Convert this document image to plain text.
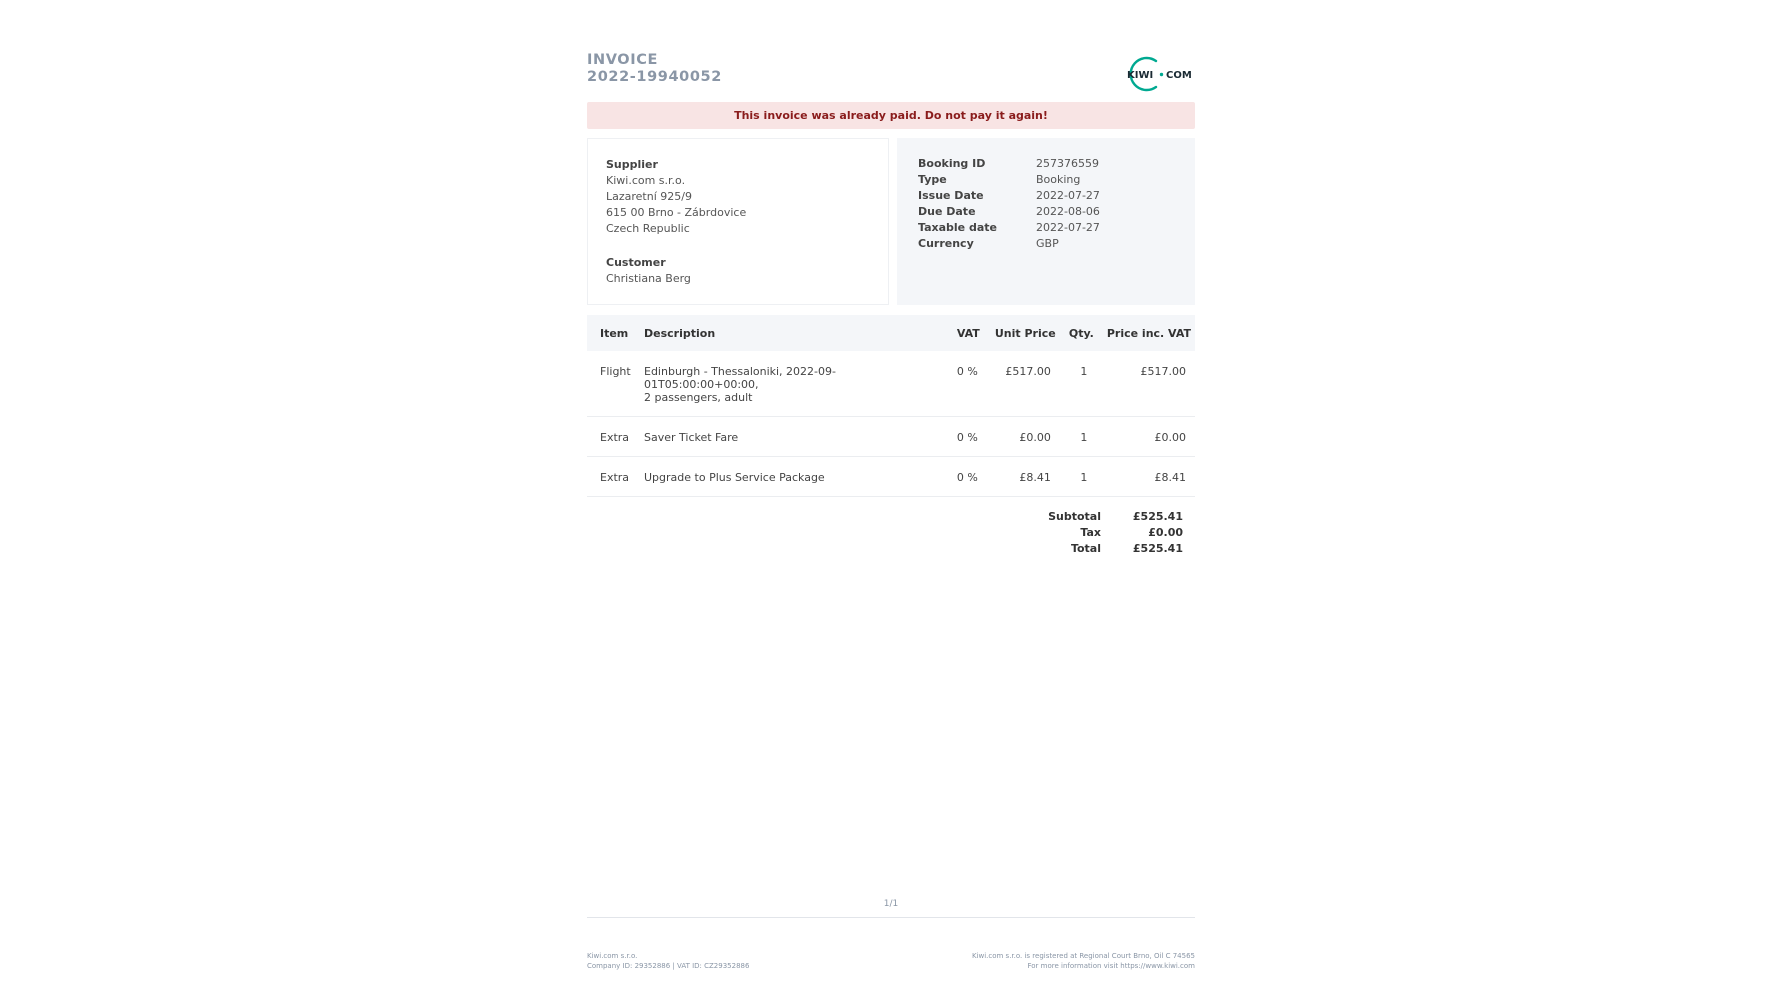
INVOICE
2022-19940052	KIWI COM
This invoice was already paid. Do not pay it again!
Supplier
Kiwi.com s.r.o.
Lazaretní 925/9
615 00 Brno - Zábrdovice
Czech Republic
Customer
Christiana Berg
Booking ID	257376559
Type	Booking
Issue Date	2022-07-27
Due Date	2022-08-06
Taxable date	2022-07-27
Currency	GBP
Item	Description	VAT	Unit Price	Qty.	Price inc. VAT
Flight	Edinburgh - Thessaloniki, 2022-09-01T05:00:00+00:00,
2 passengers, adult	0 %	£517.00	1	£517.00
Extra	Saver Ticket Fare	0 %	£0.00	1	£0.00
Extra	Upgrade to Plus Service Package	0 %	£8.41	1	£8.41
Subtotal	£525.41
Tax	£0.00
Total	£525.41
1/1
Kiwi.com s.r.o.
Company ID: 29352886 | VAT ID: CZ29352886
Kiwi.com s.r.o. is registered at Regional Court Brno, Oil C 74565
For more information visit https://www.kiwi.com
